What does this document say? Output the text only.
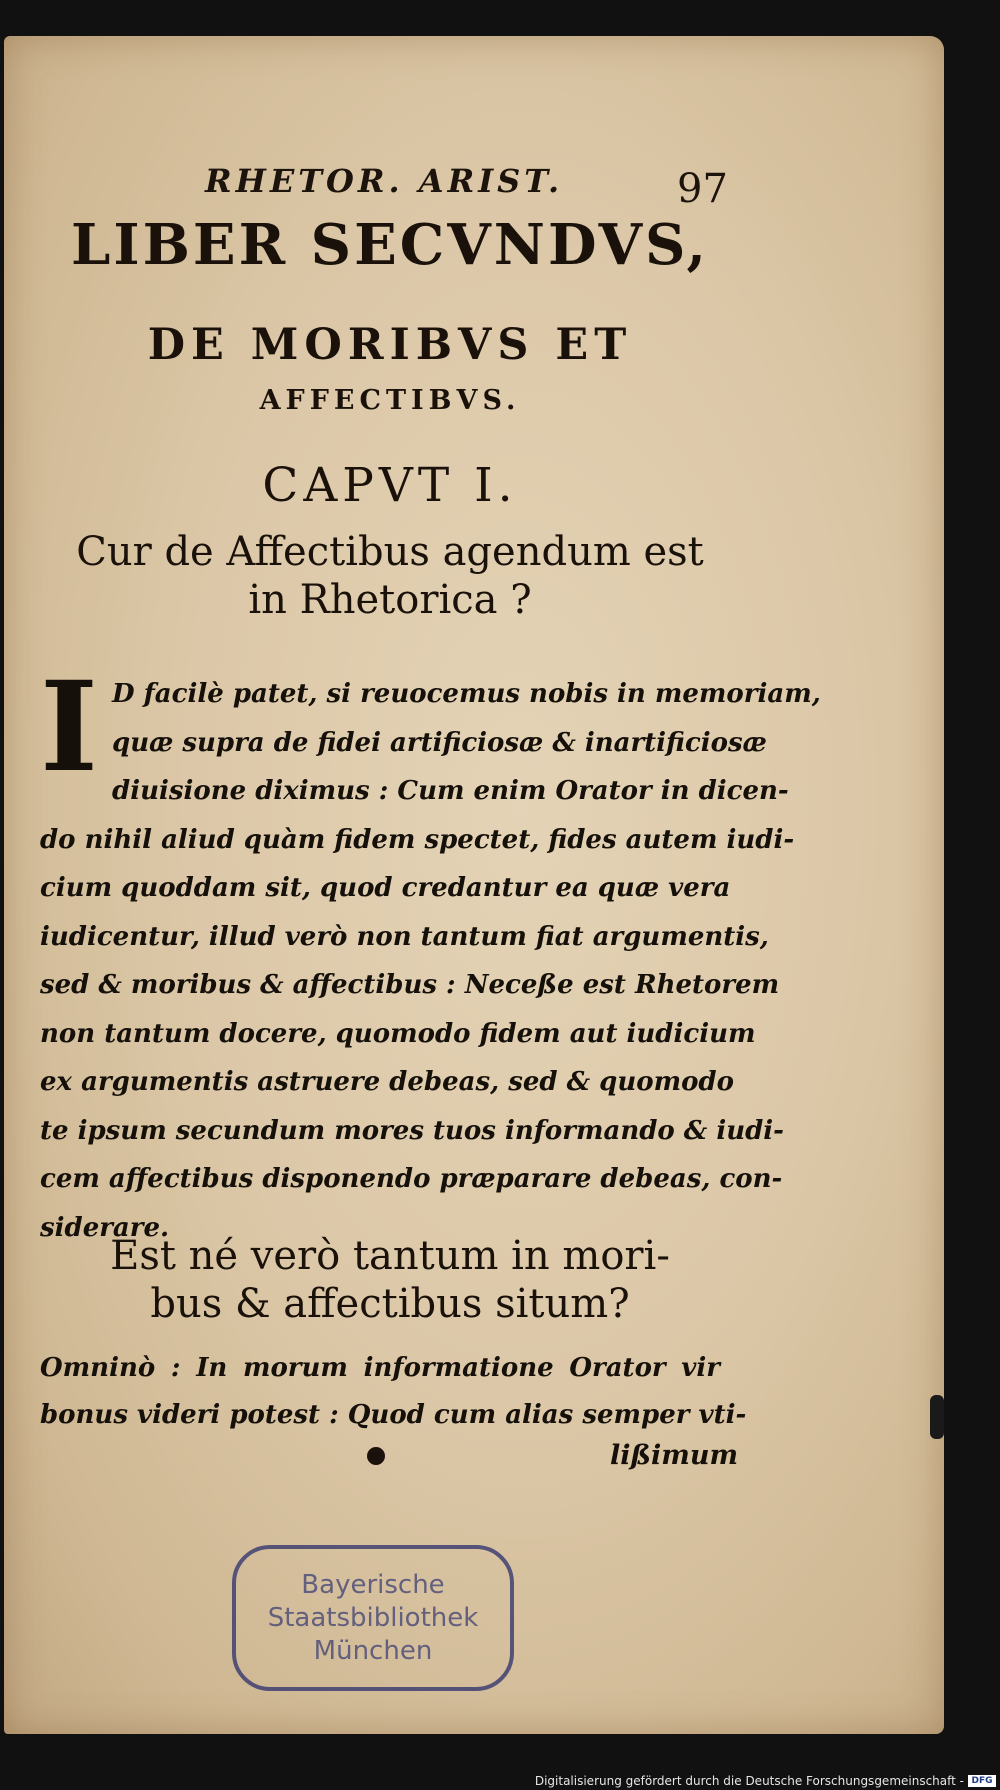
RHETOR. ARIST.	97
LIBER SECVNDVS,
DE MORIBVS ET
AFFECTIBVS.
CAPVT I.
Cur de Affectibus agendum est
in Rhetorica ?
I D facilè patet, si reuocemus nobis in memoriam,
quæ supra de fidei artificiosæ & inartificiosæ
diuisione diximus : Cum enim Orator in dicen-
do nihil aliud quàm fidem spectet, fides autem iudi-
cium quoddam sit, quod credantur ea quæ vera
iudicentur, illud verò non tantum fiat argumentis,
sed & moribus & affectibus : Neceße est Rhetorem
non tantum docere, quomodo fidem aut iudicium
ex argumentis astruere debeas, sed & quomodo
te ipsum secundum mores tuos informando & iudi-
cem affectibus disponendo præparare debeas, con-
siderare.
Est né verò tantum in mori-
bus & affectibus situm?
Omninò : In morum informatione Orator vir
bonus videri potest : Quod cum alias semper vti-
lißimum
Bayerische
Staatsbibliothek
München
Digitalisierung gefördert durch die Deutsche Forschungsgemeinschaft - DFG
